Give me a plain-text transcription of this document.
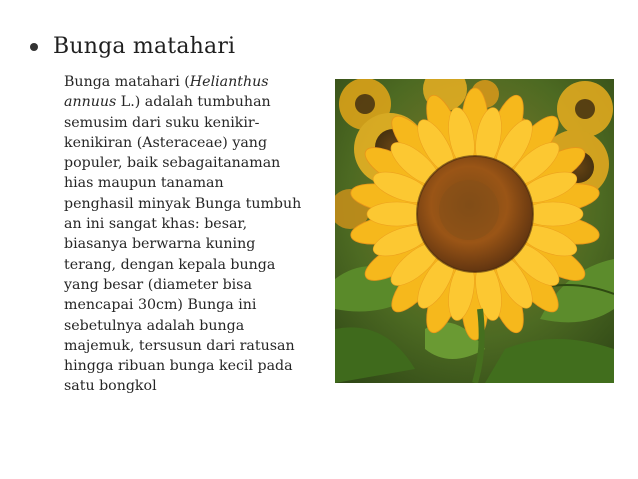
Bunga matahari
Bunga matahari (Helianthus
annuus L.) adalah tumbuhan
semusim dari suku kenikir-
kenikiran (Asteraceae) yang
populer, baik sebagaitanaman
hias maupun tanaman
penghasil minyak Bunga tumbuh
an ini sangat khas: besar,
biasanya berwarna kuning
terang, dengan kepala bunga
yang besar (diameter bisa
mencapai 30cm) Bunga ini
sebetulnya adalah bunga
majemuk, tersusun dari ratusan
hingga ribuan bunga kecil pada
satu bongkol
